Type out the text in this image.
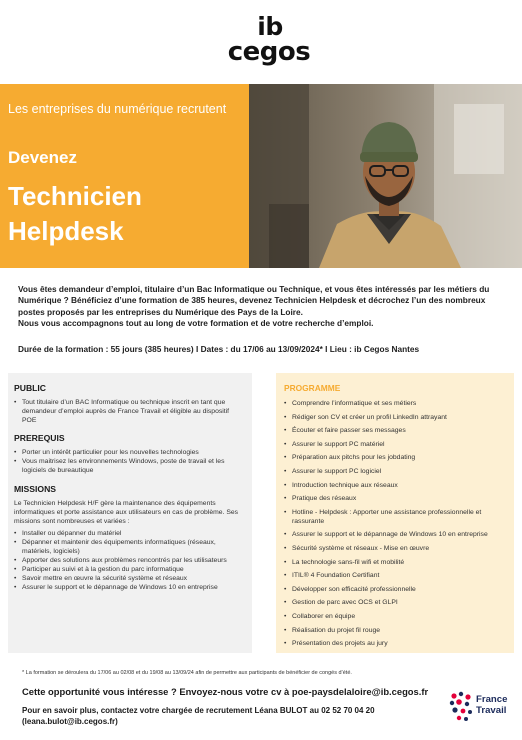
ib
cegos
Les entreprises du numérique recrutent
Devenez
Technicien
Helpdesk
Vous êtes demandeur d’emploi, titulaire d’un Bac Informatique ou Technique, et vous êtes intéressés par les métiers du Numérique ? Bénéficiez d’une formation de 385 heures, devenez Technicien Helpdesk et décrochez l’un des nombreux postes proposés par les entreprises du Numérique des Pays de la Loire.
Nous vous accompagnons tout au long de votre formation et de votre recherche d’emploi.
Durée de la formation : 55 jours (385 heures) I Dates : du 17/06 au 13/09/2024* I Lieu : ib Cegos Nantes
PUBLIC
• Tout titulaire d’un BAC Informatique ou technique inscrit en tant que demandeur d’emploi auprès de France Travail et éligible au dispositif POE
PREREQUIS
• Porter un intérêt particulier pour les nouvelles technologies
• Vous maitrisez les environnements Windows, poste de travail et les logiciels de bureautique
MISSIONS
Le Technicien Helpdesk H/F gère la maintenance des équipements informatiques et porte assistance aux utilisateurs en cas de problème. Ses missions sont nombreuses et variées :
• Installer ou dépanner du matériel
• Dépanner et maintenir des équipements informatiques (réseaux, matériels, logiciels)
• Apporter des solutions aux problèmes rencontrés par les utilisateurs
• Participer au suivi et à la gestion du parc informatique
• Savoir mettre en œuvre la sécurité système et réseaux
• Assurer le support et le dépannage de Windows 10 en entreprise
PROGRAMME
• Comprendre l’informatique et ses métiers
• Rédiger son CV et créer un profil LinkedIn attrayant
• Écouter et faire passer ses messages
• Assurer le support PC matériel
• Préparation aux pitchs pour les jobdating
• Assurer le support PC logiciel
• Introduction technique aux réseaux
• Pratique des réseaux
• Hotline - Helpdesk : Apporter une assistance professionnelle et rassurante
• Assurer le support et le dépannage de Windows 10 en entreprise
• Sécurité système et réseaux - Mise en œuvre
• La technologie sans-fil wifi et mobilité
• ITIL® 4 Foundation Certifiant
• Développer son efficacité professionnelle
• Gestion de parc avec OCS et GLPI
• Collaborer en équipe
• Réalisation du projet fil rouge
• Présentation des projets au jury
* La formation se déroulera du 17/06 au 02/08 et du 19/08 au 13/09/24 afin de permettre aux participants de bénéficier de congés d’été.
Cette opportunité vous intéresse ? Envoyez-nous votre cv à poe-paysdelaloire@ib.cegos.fr
Pour en savoir plus, contactez votre chargée de recrutement Léana BULOT au 02 52 70 04 20 (leana.bulot@ib.cegos.fr)
France
Travail
